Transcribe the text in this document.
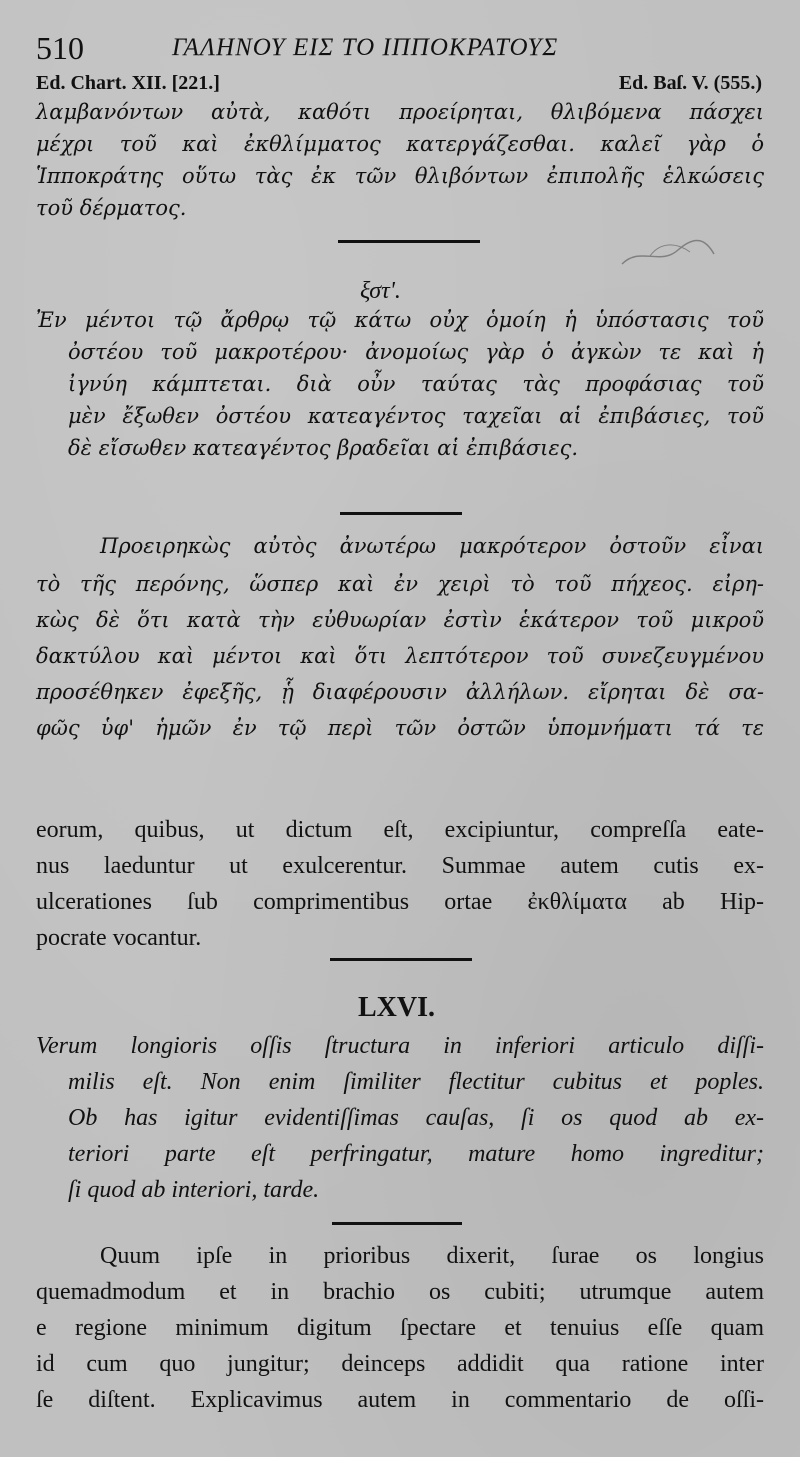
510	ΓΑΛΗΝΟΥ ΕΙΣ ΤΟ ΙΠΠΟΚΡΑΤΟΥΣ
Ed. Chart. XII. [221.]	Ed. Baſ. V. (555.)
λαμβανόντων αὐτὰ, καθότι προείρηται, θλιβόμενα πάσχει
μέχρι τοῦ καὶ ἐκθλίμματος κατεργάζεσθαι. καλεῖ γὰρ ὁ
Ἱπποκράτης οὕτω τὰς ἐκ τῶν θλιβόντων ἐπιπολῆς ἑλκώσεις
τοῦ δέρματος.
ξστ'.
Ἐν μέντοι τῷ ἄρθρῳ τῷ κάτω οὐχ ὁμοίη ἡ ὑπόστασις τοῦ
ὀστέου τοῦ μακροτέρου· ἀνομοίως γὰρ ὁ ἀγκὼν τε καὶ ἡ
ἰγνύη κάμπτεται. διὰ οὖν ταύτας τὰς προφάσιας τοῦ
μὲν ἔξωθεν ὀστέου κατεαγέντος ταχεῖαι αἱ ἐπιβάσιες, τοῦ
δὲ εἴσωθεν κατεαγέντος βραδεῖαι αἱ ἐπιβάσιες.
Προειρηκὼς αὐτὸς ἀνωτέρω μακρότερον ὀστοῦν εἶναι
τὸ τῆς περόνης, ὥσπερ καὶ ἐν χειρὶ τὸ τοῦ πήχεος. εἰρη-
κὼς δὲ ὅτι κατὰ τὴν εὐθυωρίαν ἐστὶν ἑκάτερον τοῦ μικροῦ
δακτύλου καὶ μέντοι καὶ ὅτι λεπτότερον τοῦ συνεζευγμένου
προσέθηκεν ἐφεξῆς, ᾗ διαφέρουσιν ἀλλήλων. εἴρηται δὲ σα-
φῶς ὑφ' ἡμῶν ἐν τῷ περὶ τῶν ὀστῶν ὑπομνήματι τά τε
eorum, quibus, ut dictum eſt, excipiuntur, compreſſa eate-
nus laeduntur ut exulcerentur. Summae autem cutis ex-
ulcerationes ſub comprimentibus ortae ἐκθλίματα ab Hip-
pocrate vocantur.
LXVI.
Verum longioris oſſis ſtructura in inferiori articulo diſſi-
milis eſt. Non enim ſimiliter flectitur cubitus et poples.
Ob has igitur evidentiſſimas cauſas, ſi os quod ab ex-
teriori parte eſt perfringatur, mature homo ingreditur;
ſi quod ab interiori, tarde.
Quum ipſe in prioribus dixerit, ſurae os longius
quemadmodum et in brachio os cubiti; utrumque autem
e regione minimum digitum ſpectare et tenuius eſſe quam
id cum quo jungitur; deinceps addidit qua ratione inter
ſe diſtent. Explicavimus autem in commentario de oſſi-
